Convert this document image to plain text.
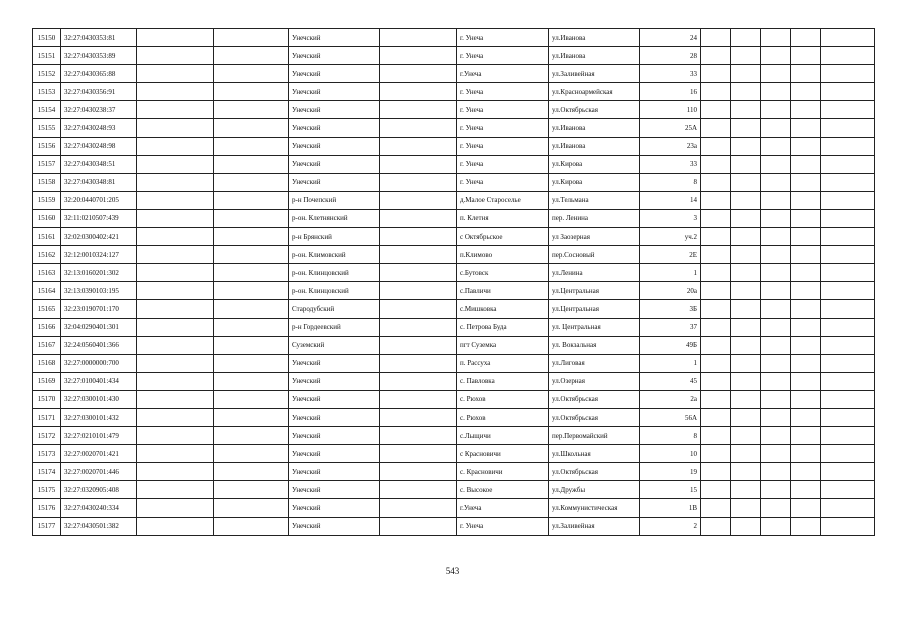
15150	32:27:0430353:81			Унечский		г. Унеча	ул.Иванова	24					
15151	32:27:0430353:89			Унечский		г. Унеча	ул.Иванова	28					
15152	32:27:0430365:88			Унечский		г.Унеча	ул.Заливейная	33					
15153	32:27:0430356:91			Унечский		г. Унеча	ул.Красноармейская	16					
15154	32:27:0430238:37			Унечский		г. Унеча	ул.Октябрьская	110					
15155	32:27:0430248:93			Унечский		г. Унеча	ул.Иванова	25А					
15156	32:27:0430248:98			Унечский		г. Унеча	ул.Иванова	23а					
15157	32:27:0430348:51			Унечский		г. Унеча	ул.Кирова	33					
15158	32:27:0430348:81			Унечский		г. Унеча	ул.Кирова	8					
15159	32:20:0440701:205			р-н Почепский		д.Малое Староселье	ул.Тельмана	14					
15160	32:11:0210507:439			р-он. Клетнянский		п. Клетня	пер. Ленина	3					
15161	32:02:0300402:421			р-н Брянский		с Октябрьское	ул Заозерная	уч.2					
15162	32:12:0010324:127			р-он. Климовский		п.Климово	пер.Сосновый	2Е					
15163	32:13:0160201:302			р-он. Клинцовский		с.Бутовск	ул.Ленина	1					
15164	32:13:0390103:195			р-он. Клинцовский		с.Павличи	ул.Центральная	20а					
15165	32:23:0190701:170			Стародубский		с.Мишковка	ул.Центральная	3Б					
15166	32:04:0290401:301			р-н Гордеевский		с. Петрова Буда	ул. Центральная	37					
15167	32:24:0560401:366			Суземский		пгт Суземка	ул. Вокзальная	49Б					
15168	32:27:0000000:700			Унечский		п. Рассуха	ул.Лиговая	1					
15169	32:27:0100401:434			Унечский		с. Павловка	ул.Озерная	45					
15170	32:27:0300101:430			Унечский		с. Рюхов	ул.Октябрьская	2а					
15171	32:27:0300101:432			Унечский		с. Рюхов	ул.Октябрьская	56А					
15172	32:27:0210101:479			Унечский		с.Лыщичи	пер.Первомайский	8					
15173	32:27:0020701:421			Унечский		с Красновичи	ул.Школьная	10					
15174	32:27:0020701:446			Унечский		с. Красновичи	ул.Октябрьская	19					
15175	32:27:0320905:408			Унечский		с. Высокое	ул.Дружбы	15					
15176	32:27:0430240:334			Унечский		г.Унеча	ул.Коммунистическая	1В					
15177	32:27:0430501:382			Унечский		г. Унеча	ул.Заливейная	2					
543
